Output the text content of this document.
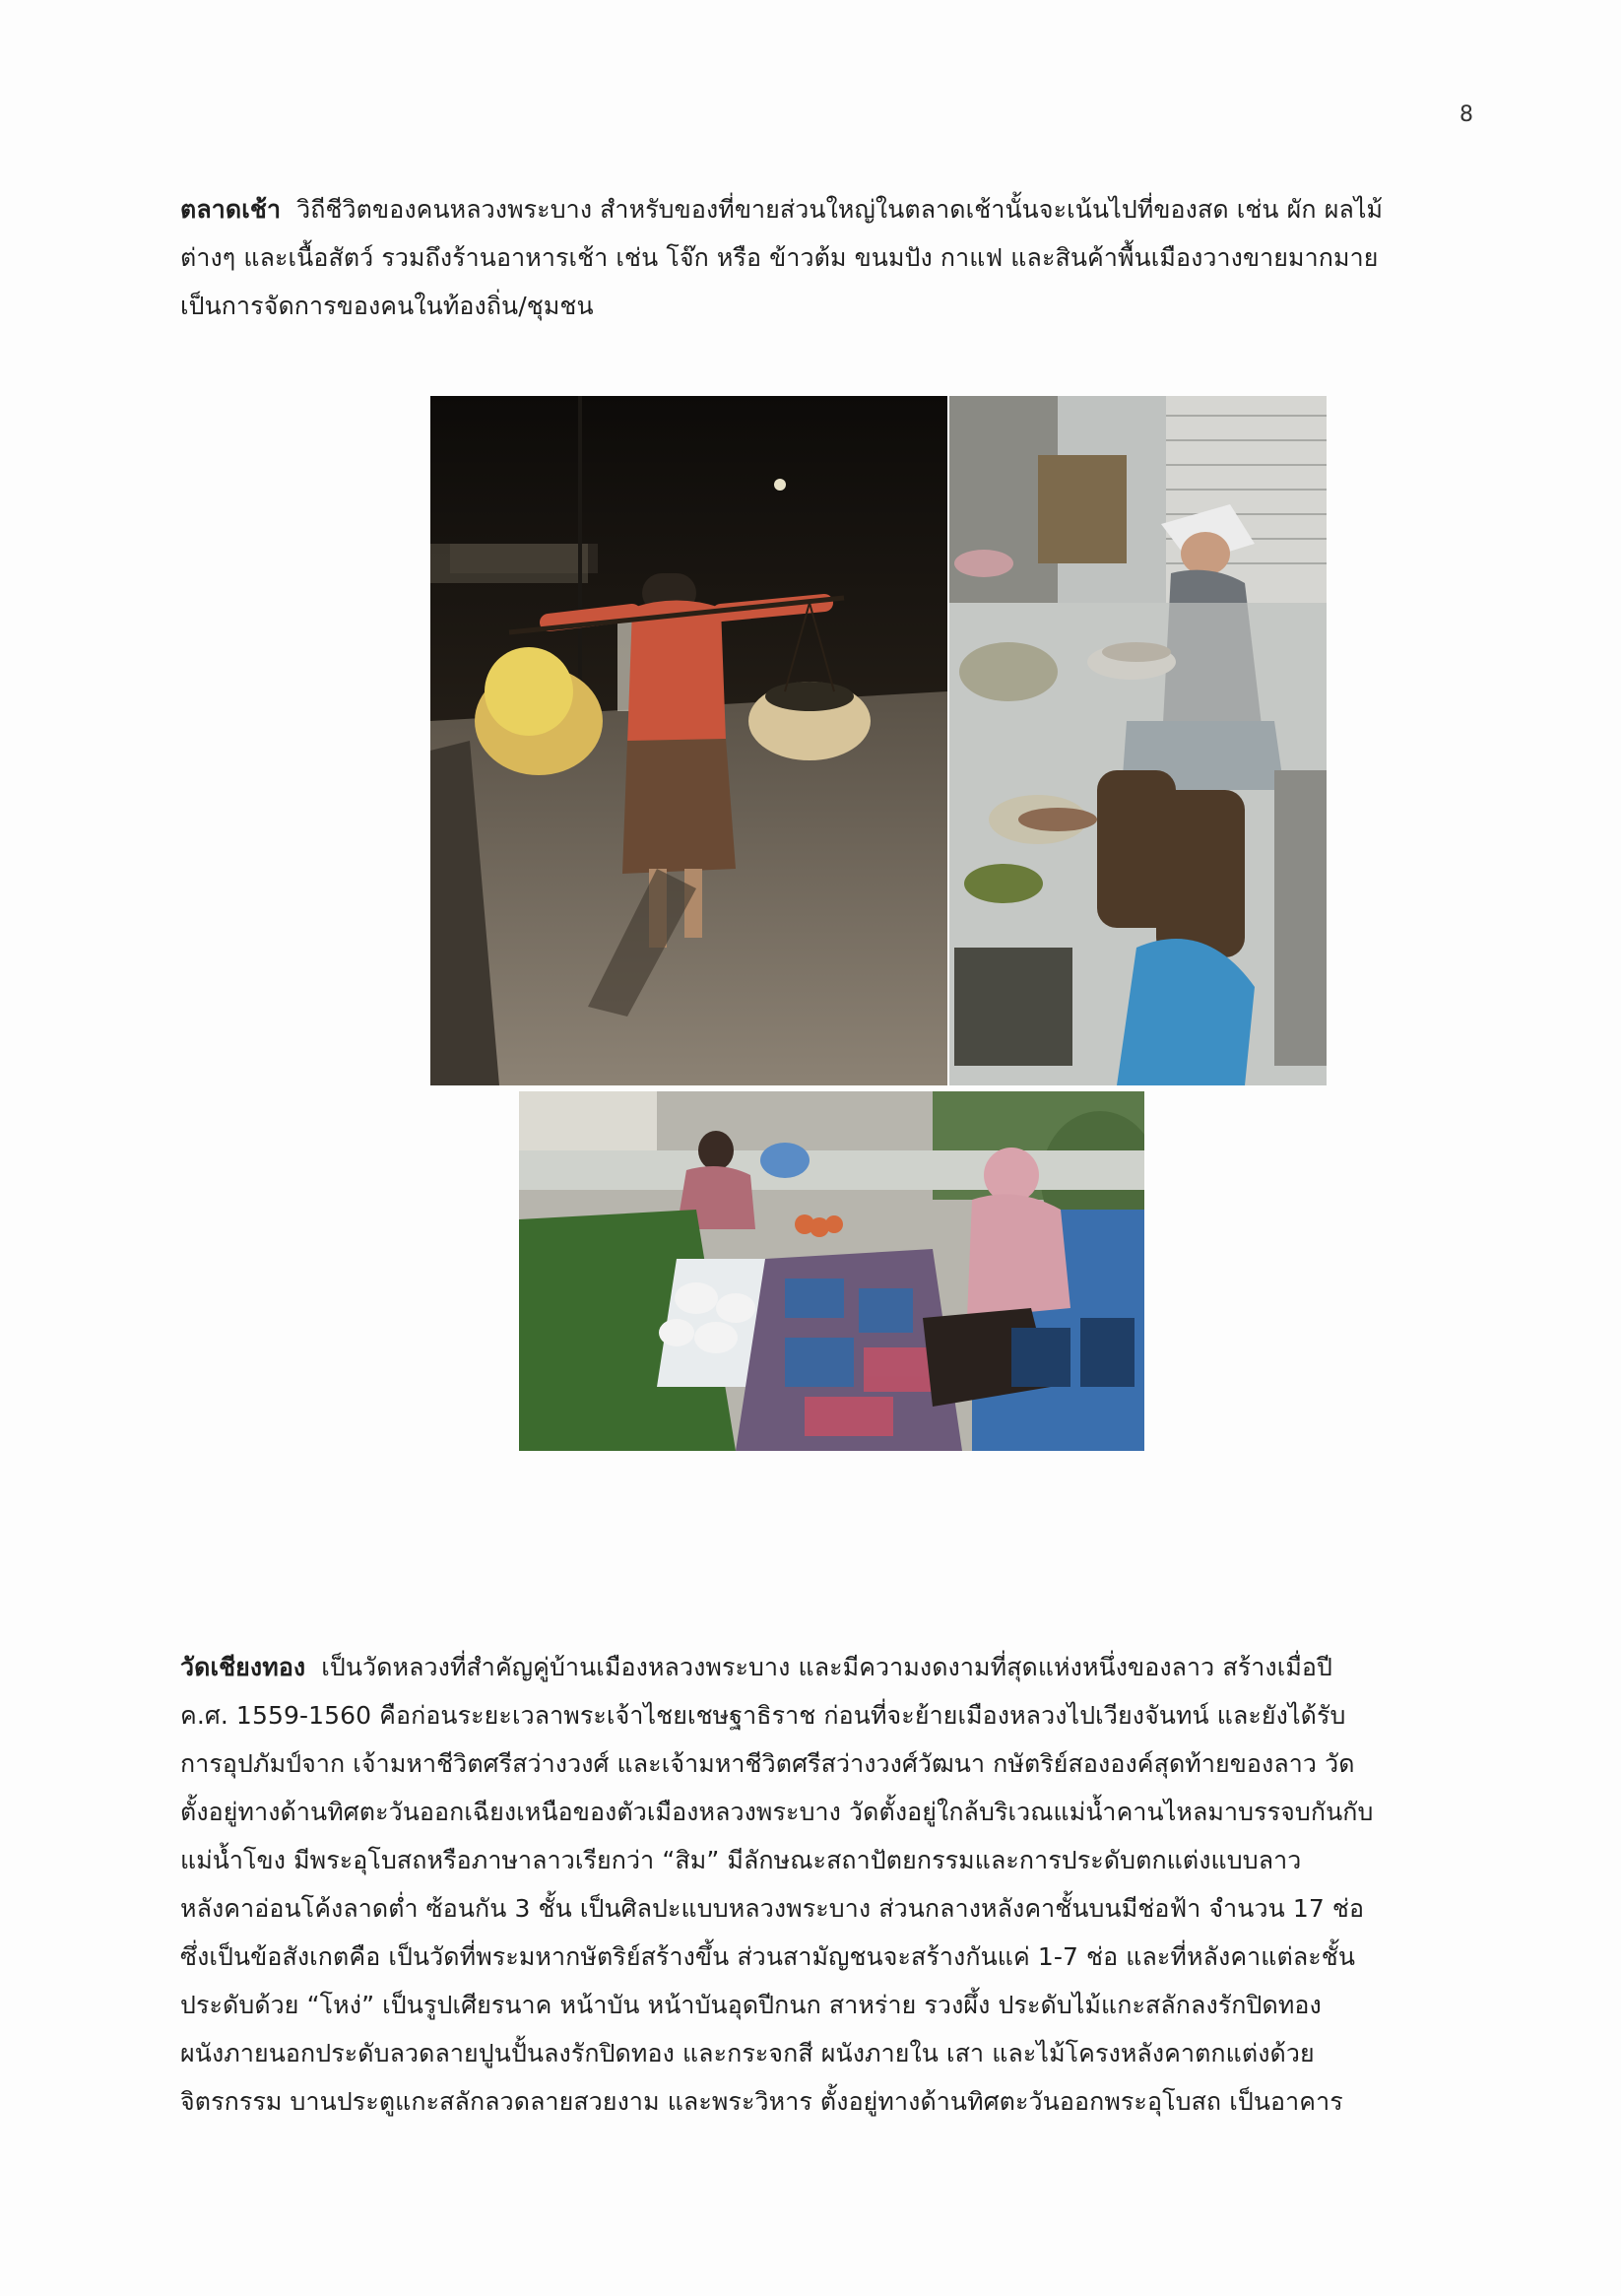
8
ตลาดเช้า วิถีชีวิตของคนหลวงพระบาง สำหรับของที่ขายส่วนใหญ่ในตลาดเช้านั้นจะเน้นไปที่ของสด เช่น ผัก ผลไม้
ต่างๆ และเนื้อสัตว์ รวมถึงร้านอาหารเช้า เช่น โจ๊ก หรือ ข้าวต้ม ขนมปัง กาแฟ และสินค้าพื้นเมืองวางขายมากมาย
เป็นการจัดการของคนในท้องถิ่น/ชุมชน
วัดเชียงทอง เป็นวัดหลวงที่สำคัญคู่บ้านเมืองหลวงพระบาง และมีความงดงามที่สุดแห่งหนึ่งของลาว สร้างเมื่อปี
ค.ศ. 1559-1560 คือก่อนระยะเวลาพระเจ้าไชยเชษฐาธิราช ก่อนที่จะย้ายเมืองหลวงไปเวียงจันทน์ และยังได้รับ
การอุปภัมป์จาก เจ้ามหาชีวิตศรีสว่างวงศ์ และเจ้ามหาชีวิตศรีสว่างวงศ์วัฒนา กษัตริย์สององค์สุดท้ายของลาว วัด
ตั้งอยู่ทางด้านทิศตะวันออกเฉียงเหนือของตัวเมืองหลวงพระบาง วัดตั้งอยู่ใกล้บริเวณแม่น้ำคานไหลมาบรรจบกันกับ
แม่น้ำโขง มีพระอุโบสถหรือภาษาลาวเรียกว่า “สิม” มีลักษณะสถาปัตยกรรมและการประดับตกแต่งแบบลาว
หลังคาอ่อนโค้งลาดต่ำ ซ้อนกัน 3 ชั้น เป็นศิลปะแบบหลวงพระบาง ส่วนกลางหลังคาชั้นบนมีช่อฟ้า จำนวน 17 ช่อ
ซึ่งเป็นข้อสังเกตคือ เป็นวัดที่พระมหากษัตริย์สร้างขึ้น ส่วนสามัญชนจะสร้างกันแค่ 1-7 ช่อ และที่หลังคาแต่ละชั้น
ประดับด้วย “โหง่” เป็นรูปเศียรนาค หน้าบัน หน้าบันอุดปีกนก สาหร่าย รวงผึ้ง ประดับไม้แกะสลักลงรักปิดทอง
ผนังภายนอกประดับลวดลายปูนปั้นลงรักปิดทอง และกระจกสี ผนังภายใน เสา และไม้โครงหลังคาตกแต่งด้วย
จิตรกรรม บานประตูแกะสลักลวดลายสวยงาม และพระวิหาร ตั้งอยู่ทางด้านทิศตะวันออกพระอุโบสถ เป็นอาคาร
